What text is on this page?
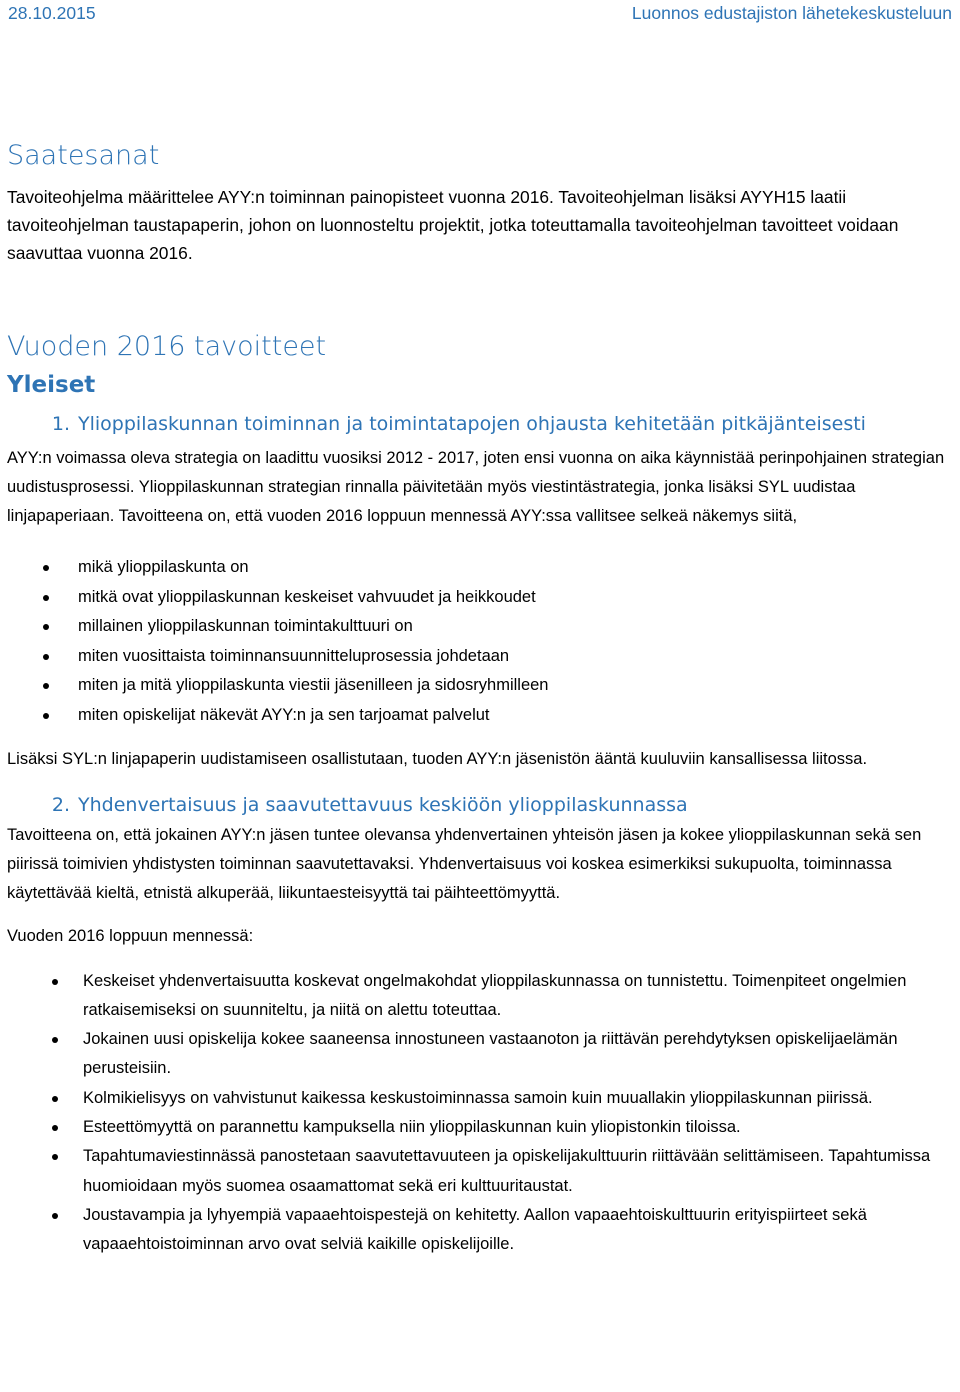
28.10.2015	Luonnos edustajiston lähetekeskusteluun
Saatesanat

Tavoiteohjelma määrittelee AYY:n toiminnan painopisteet vuonna 2016. Tavoiteohjelman lisäksi AYYH15 laatii tavoiteohjelman taustapaperin, johon on luonnosteltu projektit, jotka toteuttamalla tavoiteohjelman tavoitteet voidaan saavuttaa vuonna 2016.

Vuoden 2016 tavoitteet
Yleiset
1. Ylioppilaskunnan toiminnan ja toimintatapojen ohjausta kehitetään pitkäjänteisesti

AYY:n voimassa oleva strategia on laadittu vuosiksi 2012 - 2017, joten ensi vuonna on aika käynnistää perinpohjainen strategian uudistusprosessi. Ylioppilaskunnan strategian rinnalla päivitetään myös viestintästrategia, jonka lisäksi SYL uudistaa linjapaperiaan. Tavoitteena on, että vuoden 2016 loppuun mennessä AYY:ssa vallitsee selkeä näkemys siitä,

mikä ylioppilaskunta on
mitkä ovat ylioppilaskunnan keskeiset vahvuudet ja heikkoudet
millainen ylioppilaskunnan toimintakulttuuri on
miten vuosittaista toiminnansuunnitteluprosessia johdetaan
miten ja mitä ylioppilaskunta viestii jäsenilleen ja sidosryhmilleen
miten opiskelijat näkevät AYY:n ja sen tarjoamat palvelut

Lisäksi SYL:n linjapaperin uudistamiseen osallistutaan, tuoden AYY:n jäsenistön ääntä kuuluviin kansallisessa liitossa.

2. Yhdenvertaisuus ja saavutettavuus keskiöön ylioppilaskunnassa

Tavoitteena on, että jokainen AYY:n jäsen tuntee olevansa yhdenvertainen yhteisön jäsen ja kokee ylioppilaskunnan sekä sen piirissä toimivien yhdistysten toiminnan saavutettavaksi. Yhdenvertaisuus voi koskea esimerkiksi sukupuolta, toiminnassa käytettävää kieltä, etnistä alkuperää, liikuntaesteisyyttä tai päihteettömyyttä.

Vuoden 2016 loppuun mennessä:

Keskeiset yhdenvertaisuutta koskevat ongelmakohdat ylioppilaskunnassa on tunnistettu. Toimenpiteet ongelmien ratkaisemiseksi on suunniteltu, ja niitä on alettu toteuttaa.
Jokainen uusi opiskelija kokee saaneensa innostuneen vastaanoton ja riittävän perehdytyksen opiskelijaelämän perusteisiin.
Kolmikielisyys on vahvistunut kaikessa keskustoiminnassa samoin kuin muuallakin ylioppilaskunnan piirissä.
Esteettömyyttä on parannettu kampuksella niin ylioppilaskunnan kuin yliopistonkin tiloissa.
Tapahtumaviestinnässä panostetaan saavutettavuuteen ja opiskelijakulttuurin riittävään selittämiseen. Tapahtumissa huomioidaan myös suomea osaamattomat sekä eri kulttuuritaustat.
Joustavampia ja lyhyempiä vapaaehtoispestejä on kehitetty. Aallon vapaaehtoiskulttuurin erityispiirteet sekä vapaaehtoistoiminnan arvo ovat selviä kaikille opiskelijoille.
